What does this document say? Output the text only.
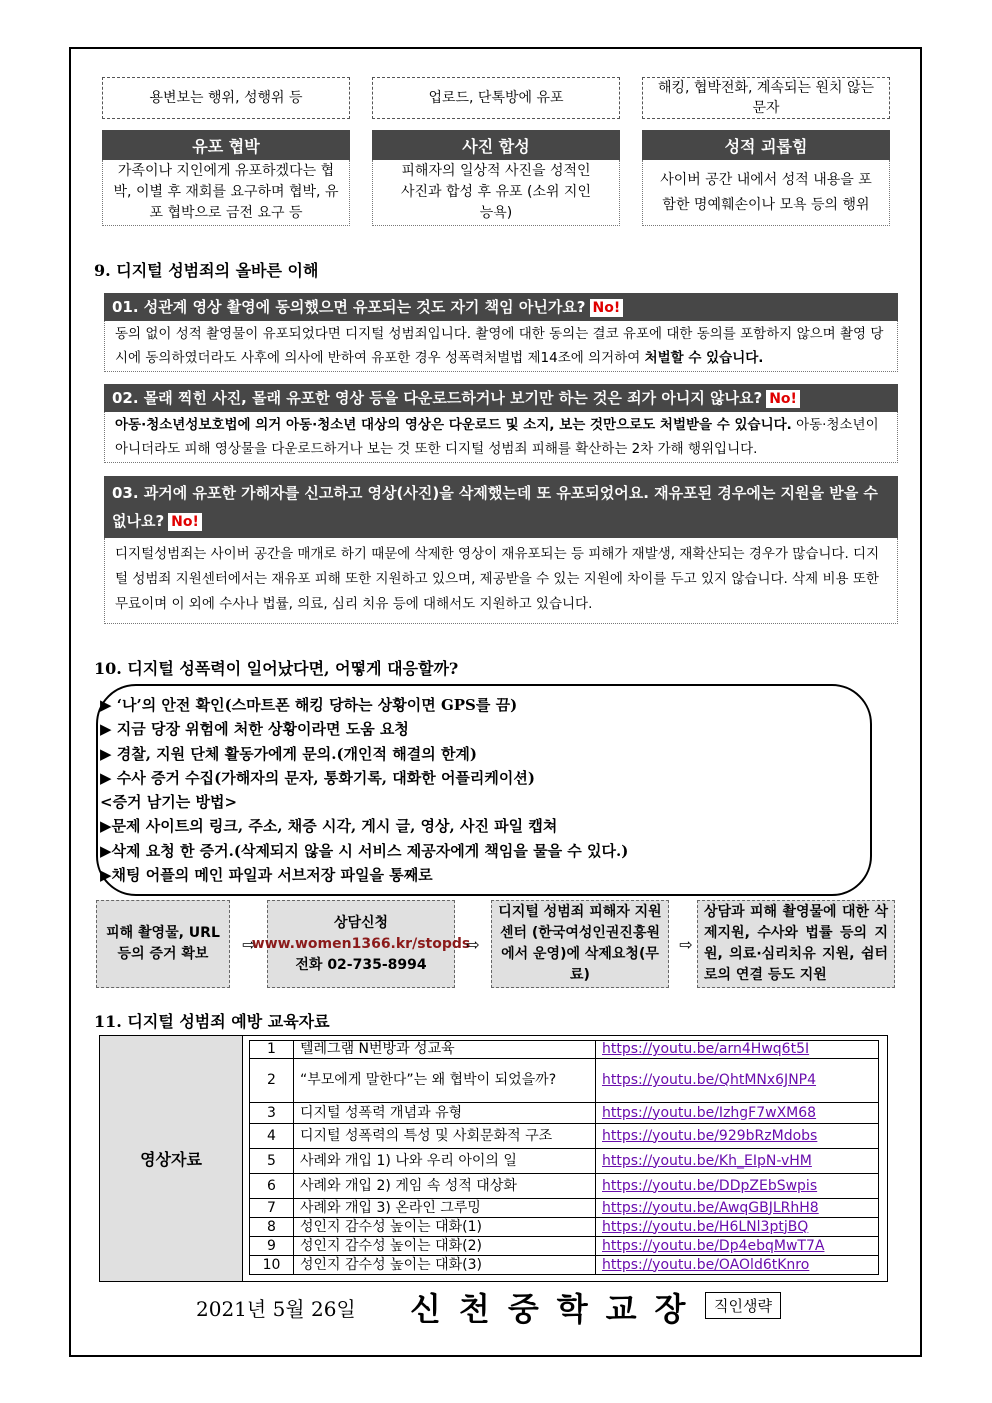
용변보는 행위, 성행위 등	업로드, 단톡방에 유포
해킹, 협박전화, 계속되는 원치 않는 문자
유포 협박	사진 합성	성적 괴롭힘
가족이나 지인에게 유포하겠다는 협박, 이별 후 재회를 요구하며 협박, 유포 협박으로 금전 요구 등
피해자의 일상적 사진을 성적인 사진과 합성 후 유포 (소위 지인 능욕)
사이버 공간 내에서 성적 내용을 포함한 명예훼손이나 모욕 등의 행위
9. 디지털 성범죄의 올바른 이해
01. 성관계 영상 촬영에 동의했으면 유포되는 것도 자기 책임 아닌가요? No!
동의 없이 성적 촬영물이 유포되었다면 디지털 성범죄입니다. 촬영에 대한 동의는 결코 유포에 대한 동의를 포함하지 않으며 촬영 당시에 동의하였더라도 사후에 의사에 반하여 유포한 경우 성폭력처벌법 제14조에 의거하여 처벌할 수 있습니다.
02. 몰래 찍힌 사진, 몰래 유포한 영상 등을 다운로드하거나 보기만 하는 것은 죄가 아니지 않나요? No!
아동·청소년성보호법에 의거 아동·청소년 대상의 영상은 다운로드 및 소지, 보는 것만으로도 처벌받을 수 있습니다. 아동·청소년이 아니더라도 피해 영상물을 다운로드하거나 보는 것 또한 디지털 성범죄 피해를 확산하는 2차 가해 행위입니다.
03. 과거에 유포한 가해자를 신고하고 영상(사진)을 삭제했는데 또 유포되었어요. 재유포된 경우에는 지원을 받을 수 없나요? No!
디지털성범죄는 사이버 공간을 매개로 하기 때문에 삭제한 영상이 재유포되는 등 피해가 재발생, 재확산되는 경우가 많습니다. 디지털 성범죄 지원센터에서는 재유포 피해 또한 지원하고 있으며, 제공받을 수 있는 지원에 차이를 두고 있지 않습니다. 삭제 비용 또한 무료이며 이 외에 수사나 법률, 의료, 심리 치유 등에 대해서도 지원하고 있습니다.
10. 디지털 성폭력이 일어났다면, 어떻게 대응할까?
▶ ‘나’의 안전 확인(스마트폰 해킹 당하는 상황이면 GPS를 끔)
▶ 지금 당장 위험에 처한 상황이라면 도움 요청
▶ 경찰, 지원 단체 활동가에게 문의.(개인적 해결의 한계)
▶ 수사 증거 수집(가해자의 문자, 통화기록, 대화한 어플리케이션)
<증거 남기는 방법>
▶문제 사이트의 링크, 주소, 채증 시각, 게시 글, 영상, 사진 파일 캡쳐
▶삭제 요청 한 증거.(삭제되지 않을 시 서비스 제공자에게 책임을 물을 수 있다.)
▶채팅 어플의 메인 파일과 서브저장 파일을 통째로
피해 촬영물, URL 등의 증거 확보
⇨
상담신청
www.women1366.kr/stopds
전화 02-735-8994
⇨
디지털 성범죄 피해자 지원센터 (한국여성인권진흥원에서 운영)에 삭제요청(무료)
⇨
상담과 피해 촬영물에 대한 삭제지원, 수사와 법률 등의 지원, 의료·심리치유 지원, 쉼터로의 연결 등도 지원
11. 디지털 성범죄 예방 교육자료
영상자료
1	텔레그램 N번방과 성교육	https://youtu.be/arn4Hwq6t5I
2	“부모에게 말한다”는 왜 협박이 되었을까?	https://youtu.be/QhtMNx6JNP4
3	디지털 성폭력 개념과 유형	https://youtu.be/IzhgF7wXM68
4	디지털 성폭력의 특성 및 사회문화적 구조	https://youtu.be/929bRzMdobs
5	사례와 개입 1) 나와 우리 아이의 일	https://youtu.be/Kh_EIpN-vHM
6	사례와 개입 2) 게임 속 성적 대상화	https://youtu.be/DDpZEbSwpis
7	사례와 개입 3) 온라인 그루밍	https://youtu.be/AwqGBJLRhH8
8	성인지 감수성 높이는 대화(1)	https://youtu.be/H6LNl3ptjBQ
9	성인지 감수성 높이는 대화(2)	https://youtu.be/Dp4ebqMwT7A
10	성인지 감수성 높이는 대화(3)	https://youtu.be/OAOld6tKnro
2021년 5월 26일 신천중학교장 직인생략
